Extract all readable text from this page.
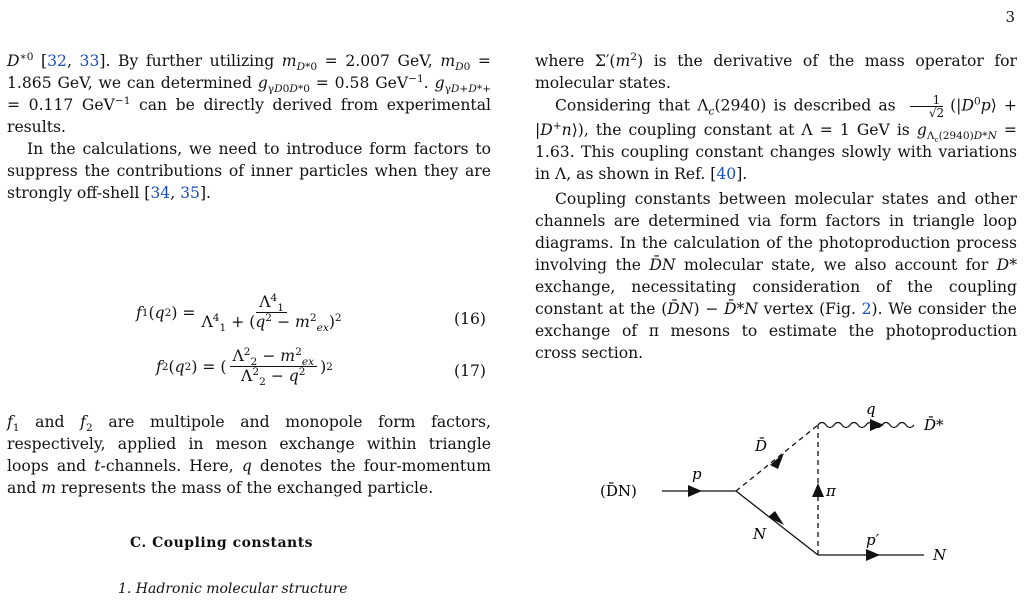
3

$D^{∗0}$ [32, 33]. By further utilizing $m_{D*0} = 2.007$ GeV, $m_{D0} = 1.865$ GeV, we can determined $g_{\gamma D0D*0} = 0.58$ GeV$^{-1}$. $g_{\gamma D+D*+} = 0.117$ GeV$^{-1}$ can be directly derived from experimental results.

In the calculations, we need to introduce form factors to suppress the contributions of inner particles when they are strongly off-shell [34, 35].

f 1 ( q 2 ) = $\frac{\Lambda^4_1}{\Lambda^4_1 + (q^2 - m^2_{ex})^2}$	(16)
f 2 ( q 2 ) = ( $\frac{\Lambda^2_2 - m^2_{ex}}{\Lambda^2_2 - q^2}$ ) 2	(17)

$f_1$ and $f_2$ are multipole and monopole form factors, respectively, applied in meson exchange within triangle loops and t-channels. Here, q denotes the four-momentum and m represents the mass of the exchanged particle.

C. Coupling constants
1. Hadronic molecular structure

where $\Sigma'(m^2)$ is the derivative of the mass operator for molecular states.

Considering that $\Lambda_c(2940)$ is described as $\frac{1}{√2}$ ($|D^0p⟩$ + |D+n⟩), the coupling constant at Λ = 1 GeV is $g_{\Lambda_c(2940)D*N} = 1.63$. This coupling constant changes slowly with variations in Λ, as shown in Ref. [40].

Coupling constants between molecular states and other channels are determined via form factors in triangle loop diagrams. In the calculation of the photoproduction process involving the D̄N molecular state, we also account for D* exchange, necessitating consideration of the coupling constant at the (D̄N) − D̄*N vertex (Fig. 2). We consider the exchange of π mesons to estimate the photoproduction cross section.

(D̄N)
p
D̄
N
π
q
D̄*
p′
N
